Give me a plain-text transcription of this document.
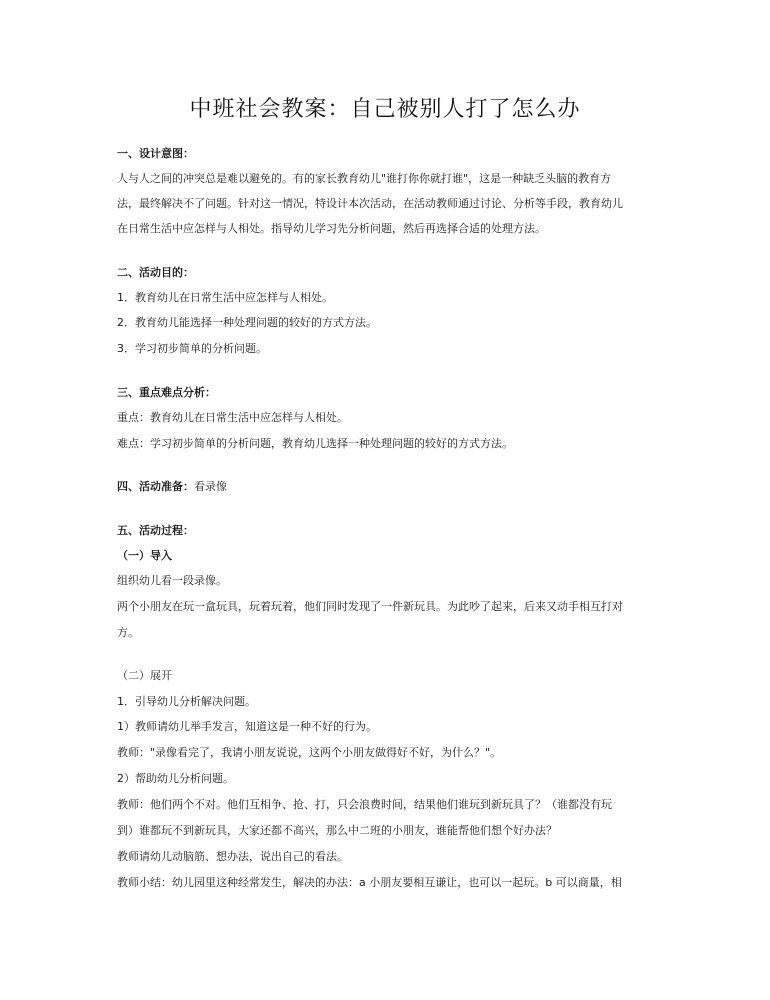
中班社会教案：自己被别人打了怎么办
一、设计意图：
人与人之间的冲突总是难以避免的。有的家长教育幼儿"谁打你你就打谁"，这是一种缺乏头脑的教育方
法，最终解决不了问题。针对这一情况，特设计本次活动，在活动教师通过讨论、分析等手段，教育幼儿
在日常生活中应怎样与人相处。指导幼儿学习先分析问题，然后再选择合适的处理方法。
二、活动目的：
1．教育幼儿在日常生活中应怎样与人相处。
2．教育幼儿能选择一种处理问题的较好的方式方法。
3．学习初步简单的分析问题。
三、重点难点分析：
重点：教育幼儿在日常生活中应怎样与人相处。
难点：学习初步简单的分析问题，教育幼儿选择一种处理问题的较好的方式方法。
四、活动准备：看录像
五、活动过程：
（一）导入
组织幼儿看一段录像。
两个小朋友在玩一盒玩具，玩着玩着，他们同时发现了一件新玩具。为此吵了起来，后来又动手相互打对
方。
（二）展开
1．引导幼儿分析解决问题。
1）教师请幼儿举手发言，知道这是一种不好的行为。
教师："录像看完了，我请小朋友说说，这两个小朋友做得好不好，为什么？"。
2）帮助幼儿分析问题。
教师：他们两个不对。他们互相争、抢、打，只会浪费时间，结果他们谁玩到新玩具了？（谁都没有玩
到）谁都玩不到新玩具，大家还都不高兴，那么中二班的小朋友，谁能帮他们想个好办法？
教师请幼儿动脑筋、想办法，说出自己的看法。
教师小结：幼儿园里这种经常发生，解决的办法：a 小朋友要相互谦让，也可以一起玩。b 可以商量，相
